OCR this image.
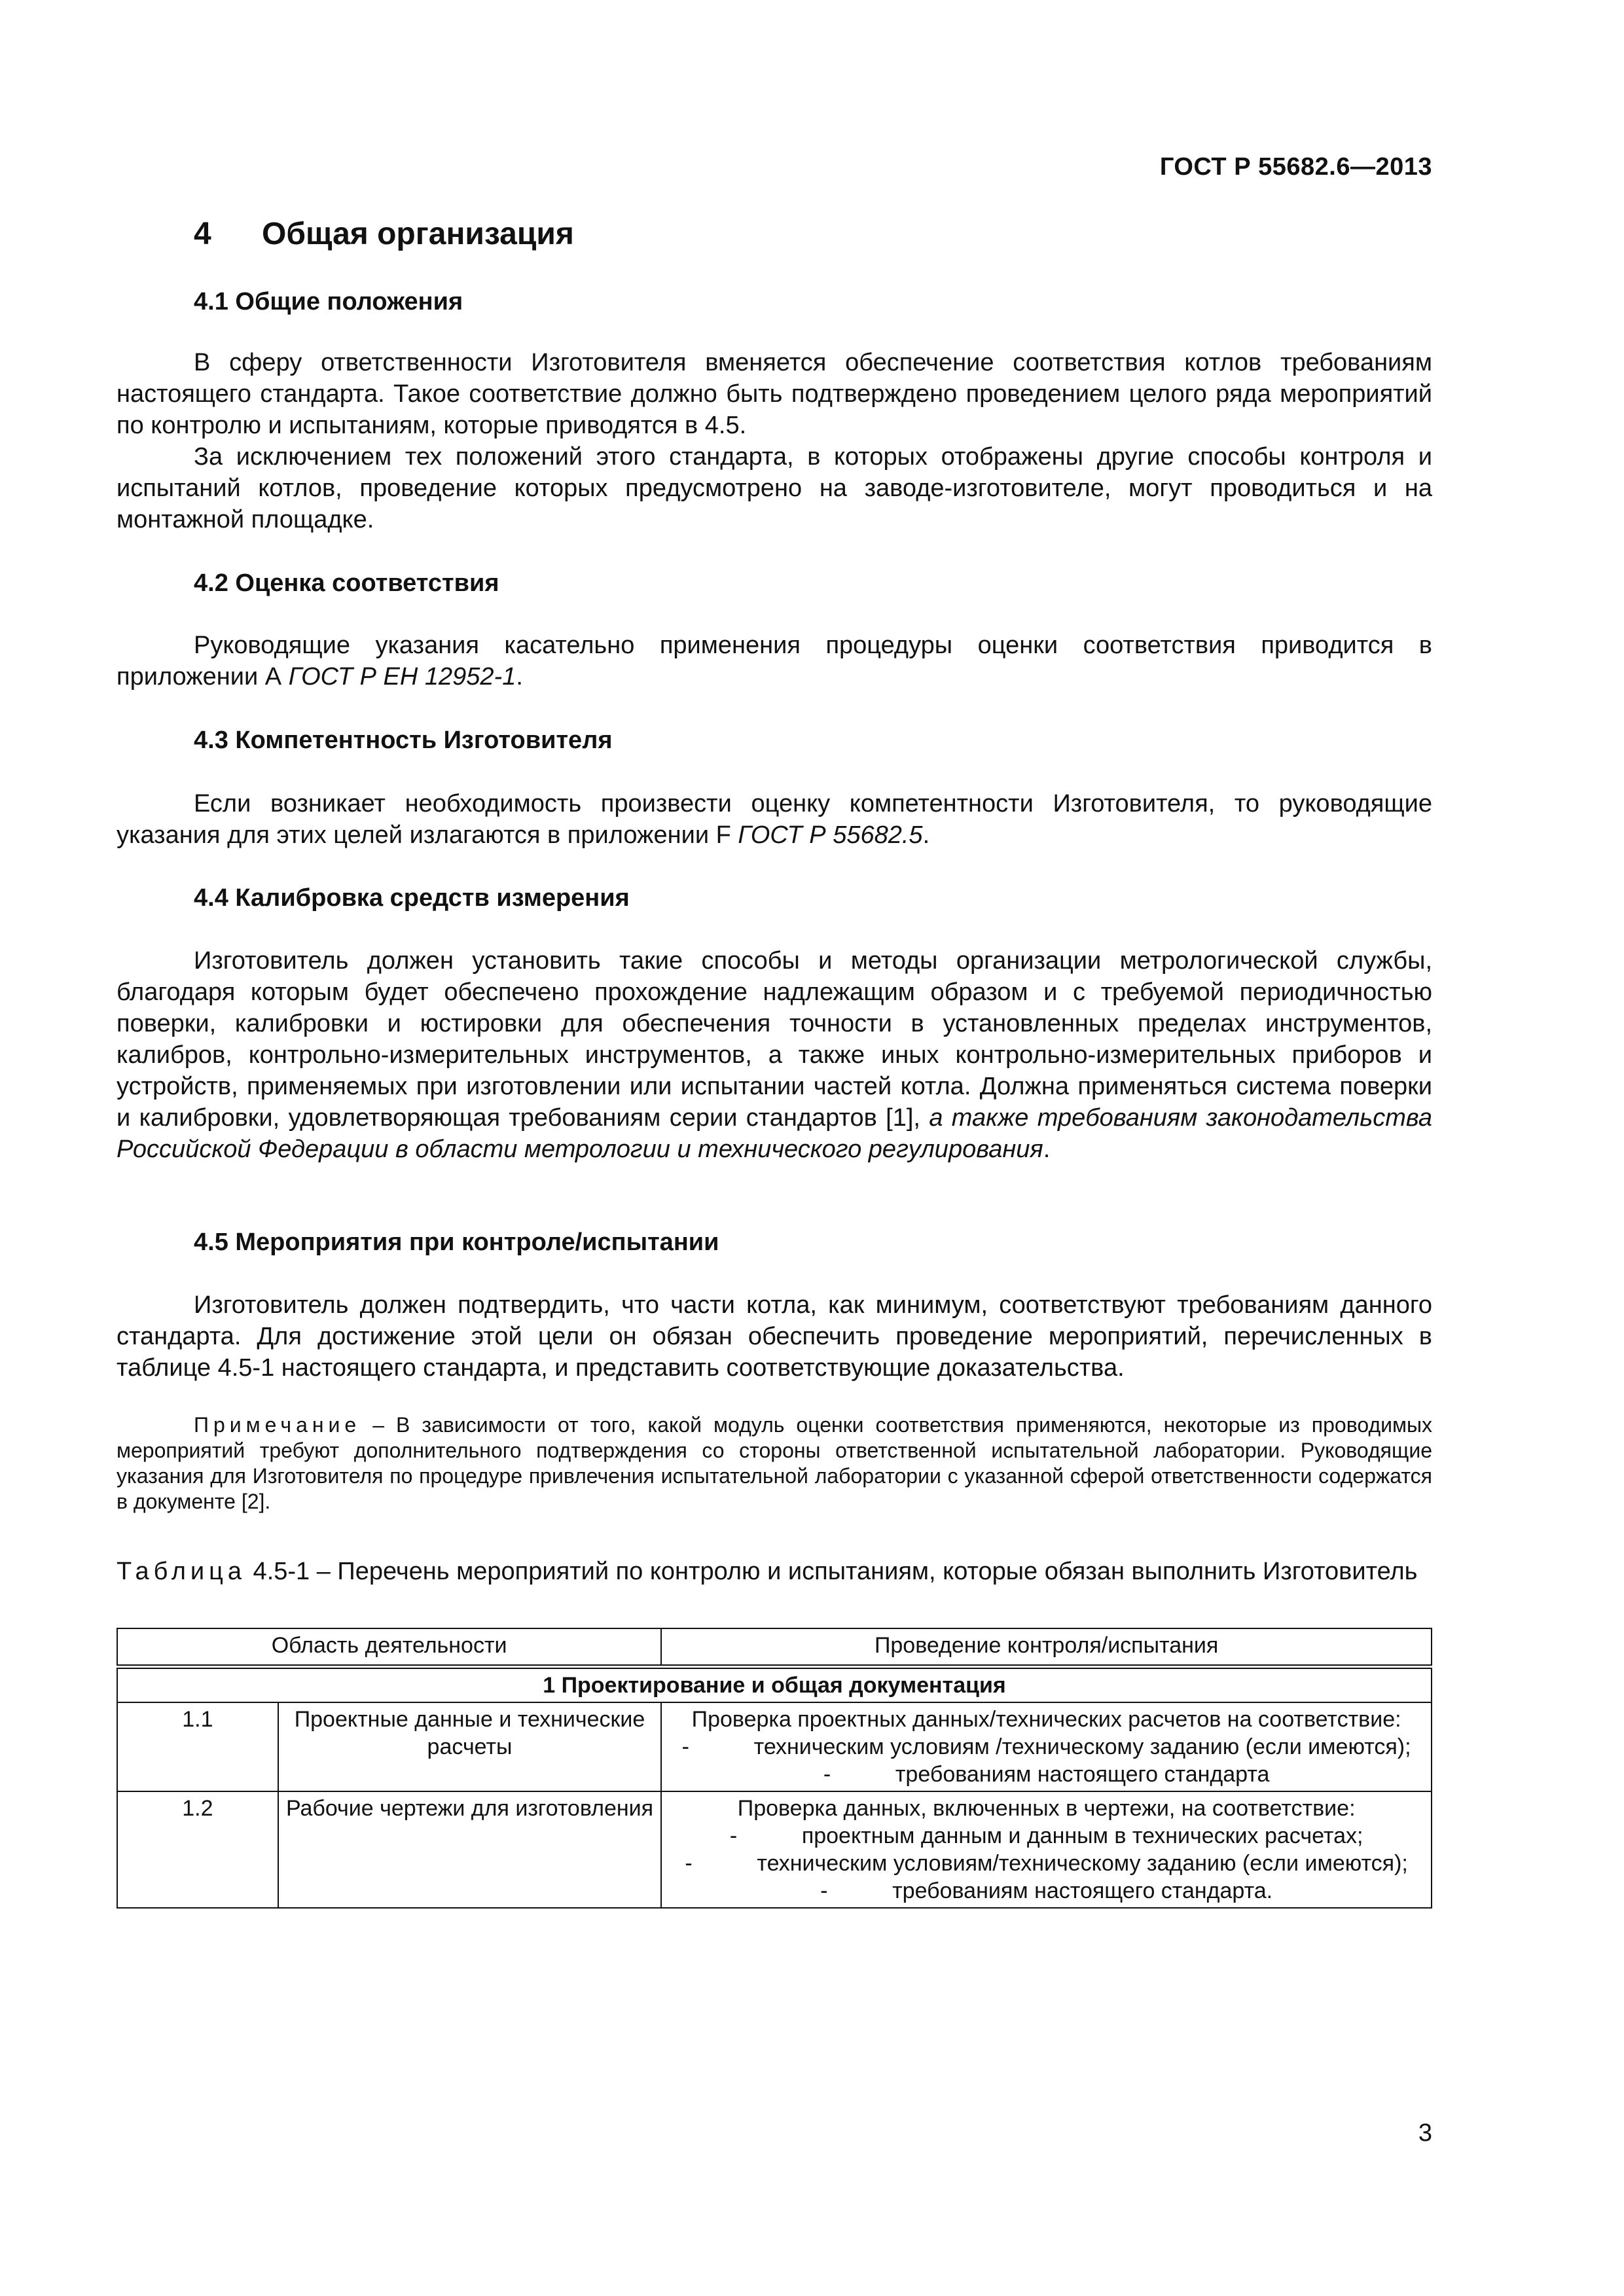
ГОСТ Р 55682.6—2013
4 Общая организация
4.1 Общие положения

В сферу ответственности Изготовителя вменяется обеспечение соответствия котлов требованиям настоящего стандарта. Такое соответствие должно быть подтверждено проведением целого ряда мероприятий по контролю и испытаниям, которые приводятся в 4.5.

За исключением тех положений этого стандарта, в которых отображены другие способы контроля и испытаний котлов, проведение которых предусмотрено на заводе-изготовителе, могут проводиться и на монтажной площадке.

4.2 Оценка соответствия

Руководящие указания касательно применения процедуры оценки соответствия приводится в приложении А ГОСТ Р ЕН 12952-1.

4.3 Компетентность Изготовителя

Если возникает необходимость произвести оценку компетентности Изготовителя, то руководящие указания для этих целей излагаются в приложении F ГОСТ Р 55682.5.

4.4 Калибровка средств измерения

Изготовитель должен установить такие способы и методы организации метрологической службы, благодаря которым будет обеспечено прохождение надлежащим образом и с требуемой периодичностью поверки, калибровки и юстировки для обеспечения точности в установленных пределах инструментов, калибров, контрольно-измерительных инструментов, а также иных контрольно-измерительных приборов и устройств, применяемых при изготовлении или испытании частей котла. Должна применяться система поверки и калибровки, удовлетворяющая требованиям серии стандартов [1], а также требованиям законодательства Российской Федерации в области метрологии и технического регулирования.

4.5 Мероприятия при контроле/испытании

Изготовитель должен подтвердить, что части котла, как минимум, соответствуют требованиям данного стандарта. Для достижение этой цели он обязан обеспечить проведение мероприятий, перечисленных в таблице 4.5-1 настоящего стандарта, и представить соответствующие доказательства.

Примечание – В зависимости от того, какой модуль оценки соответствия применяются, некоторые из проводимых мероприятий требуют дополнительного подтверждения со стороны ответственной испытательной лаборатории. Руководящие указания для Изготовителя по процедуре привлечения испытательной лаборатории с указанной сферой ответственности содержатся в документе [2].

Таблица 4.5-1 – Перечень мероприятий по контролю и испытаниям, которые обязан выполнить Изготовитель
Область деятельности		Проведение контроля/испытания
1 Проектирование и общая документация		
1.1	Проектные данные и технические расчеты	Проверка проектных данных/технических расчетов на соответствие:
- техническим условиям /техническому заданию (если имеются);
- требованиям настоящего стандарта

1.2	Рабочие чертежи для изготовления	Проверка данных, включенных в чертежи, на соответствие:
- проектным данным и данным в технических расчетах;
- техническим условиям/техническому заданию (если имеются);
- требованиям настоящего стандарта.
3
